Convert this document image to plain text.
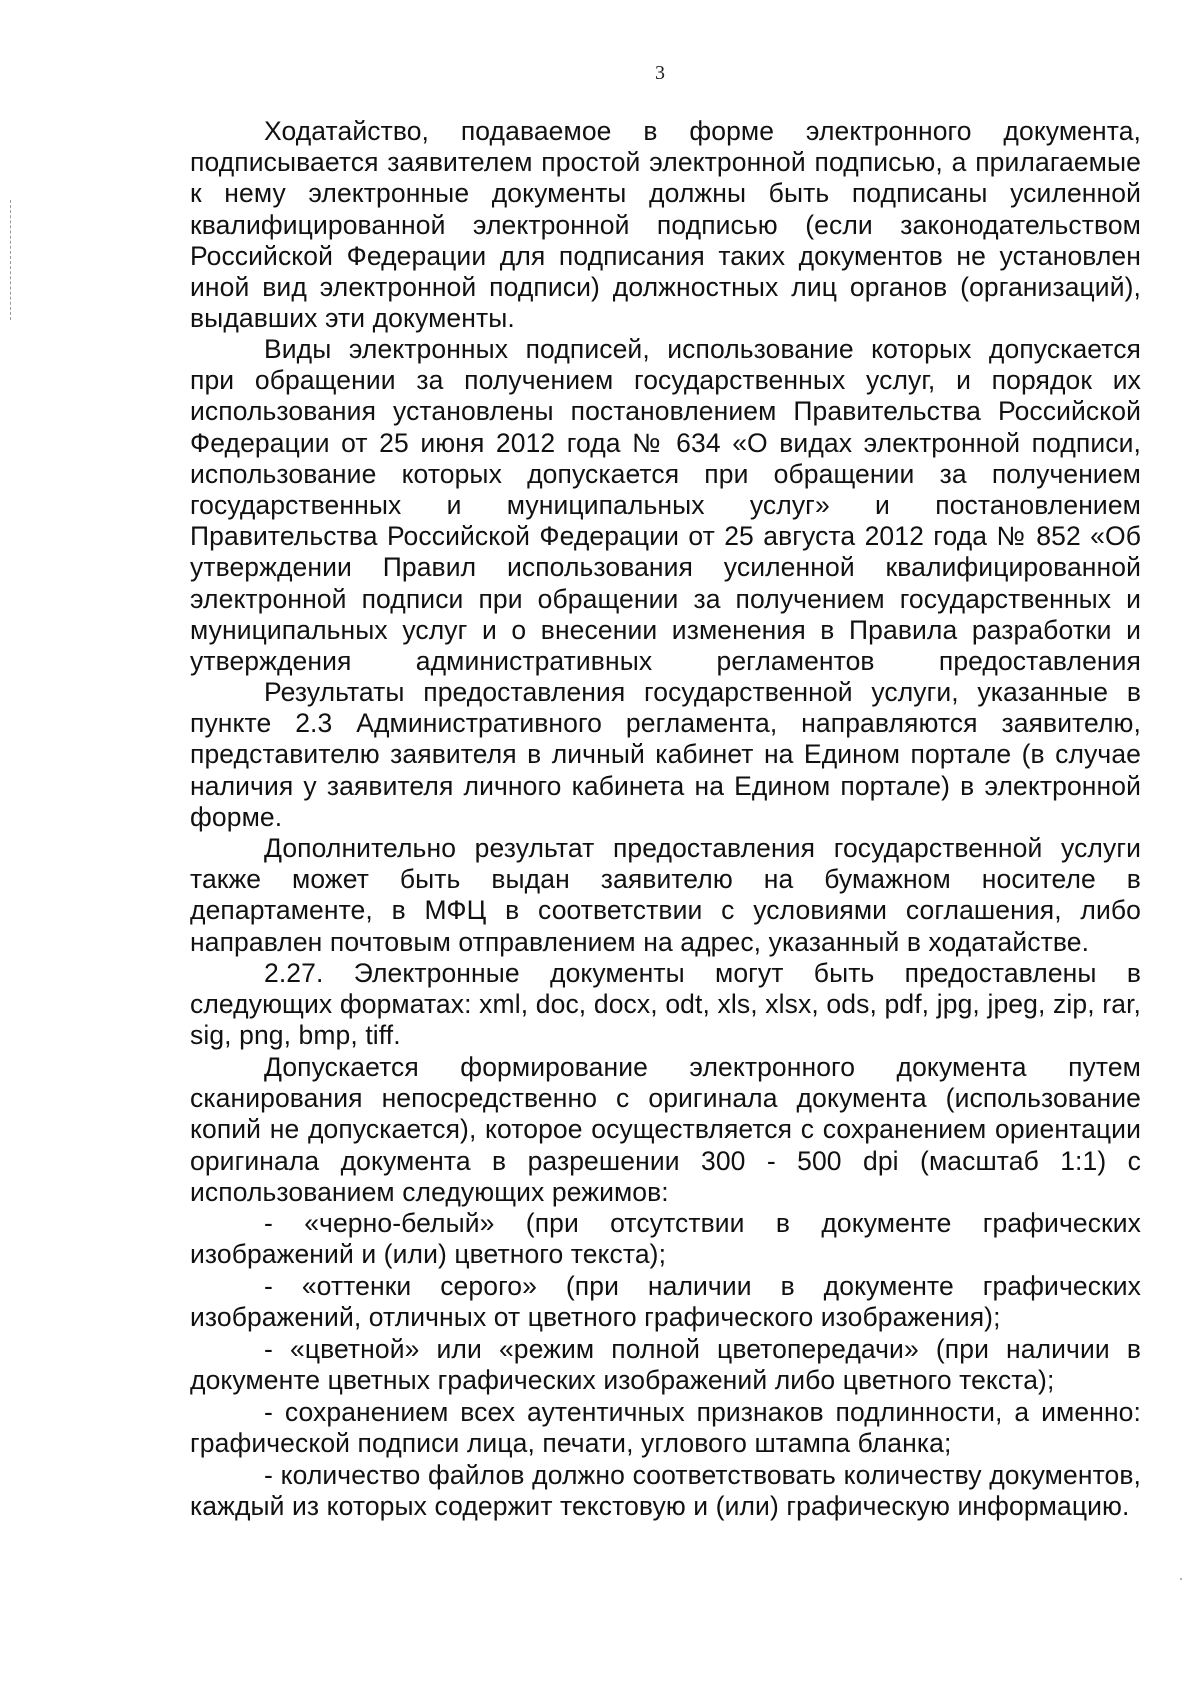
3

Ходатайство, подаваемое в форме электронного документа, подписывается заявителем простой электронной подписью, а прилагаемые к нему электронные документы должны быть подписаны усиленной квалифицированной электронной подписью (если законодательством Российской Федерации для подписания таких документов не установлен иной вид электронной подписи) должностных лиц органов (организаций), выдавших эти документы.

Виды электронных подписей, использование которых допускается при обращении за получением государственных услуг, и порядок их использования установлены постановлением Правительства Российской Федерации от 25 июня 2012 года № 634 «О видах электронной подписи, использование которых допускается при обращении за получением государственных и муниципальных услуг» и постановлением Правительства Российской Федерации от 25 августа 2012 года № 852 «Об утверждении Правил использования усиленной квалифицированной электронной подписи при обращении за получением государственных и муниципальных услуг и о внесении изменения в Правила разработки и утверждения административных регламентов предоставления

Результаты предоставления государственной услуги, указанные в пункте 2.3 Административного регламента, направляются заявителю, представителю заявителя в личный кабинет на Едином портале (в случае наличия у заявителя личного кабинета на Едином портале) в электронной форме.

Дополнительно результат предоставления государственной услуги также может быть выдан заявителю на бумажном носителе в департаменте, в МФЦ в соответствии с условиями соглашения, либо направлен почтовым отправлением на адрес, указанный в ходатайстве.

2.27. Электронные документы могут быть предоставлены в следующих форматах: xml, doc, docx, odt, xls, xlsx, ods, pdf, jpg, jpeg, zip, rar, sig, png, bmp, tiff.

Допускается формирование электронного документа путем сканирования непосредственно с оригинала документа (использование копий не допускается), которое осуществляется с сохранением ориентации оригинала документа в разрешении 300 - 500 dpi (масштаб 1:1) с использованием следующих режимов:

- «черно-белый» (при отсутствии в документе графических изображений и (или) цветного текста);

- «оттенки серого» (при наличии в документе графических изображений, отличных от цветного графического изображения);

- «цветной» или «режим полной цветопередачи» (при наличии в документе цветных графических изображений либо цветного текста);

- сохранением всех аутентичных признаков подлинности, а именно: графической подписи лица, печати, углового штампа бланка;

- количество файлов должно соответствовать количеству документов, каждый из которых содержит текстовую и (или) графическую информацию.
